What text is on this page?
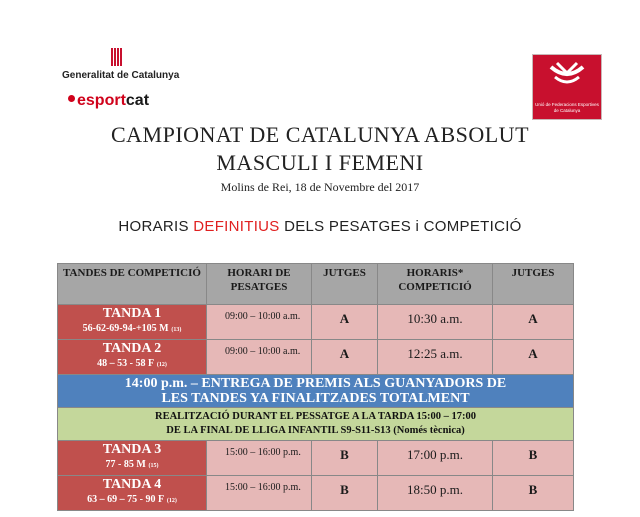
Generalitat de Catalunya
esportcat	Unió de Federacions Esportives de Catalunya
CAMPIONAT DE CATALUNYA ABSOLUT
MASCULI I FEMENI
Molins de Rei, 18 de Novembre del 2017
HORARIS DEFINITIUS DELS PESATGES i COMPETICIÓ
TANDES DE COMPETICIÓ	HORARI DE PESATGES	JUTGES	HORARIS* COMPETICIÓ	JUTGES

TANDA 1
56-62-69-94-+105 M (13)	09:00 – 10:00 a.m.	A	10:30 a.m.	A

TANDA 2
48 – 53 - 58 F (12)	09:00 – 10:00 a.m.	A	12:25 a.m.	A
14:00 p.m. – ENTREGA DE PREMIS ALS GUANYADORS DE
LES TANDES YA FINALITZADES TOTALMENT				
REALITZACIÓ DURANT EL PESSATGE A LA TARDA 15:00 – 17:00
DE LA FINAL DE LLIGA INFANTIL S9-S11-S13 (Només tècnica)				

TANDA 3
77 - 85 M (15)	15:00 – 16:00 p.m.	B	17:00 p.m.	B

TANDA 4
63 – 69 – 75 - 90 F (12)	15:00 – 16:00 p.m.	B	18:50 p.m.	B
